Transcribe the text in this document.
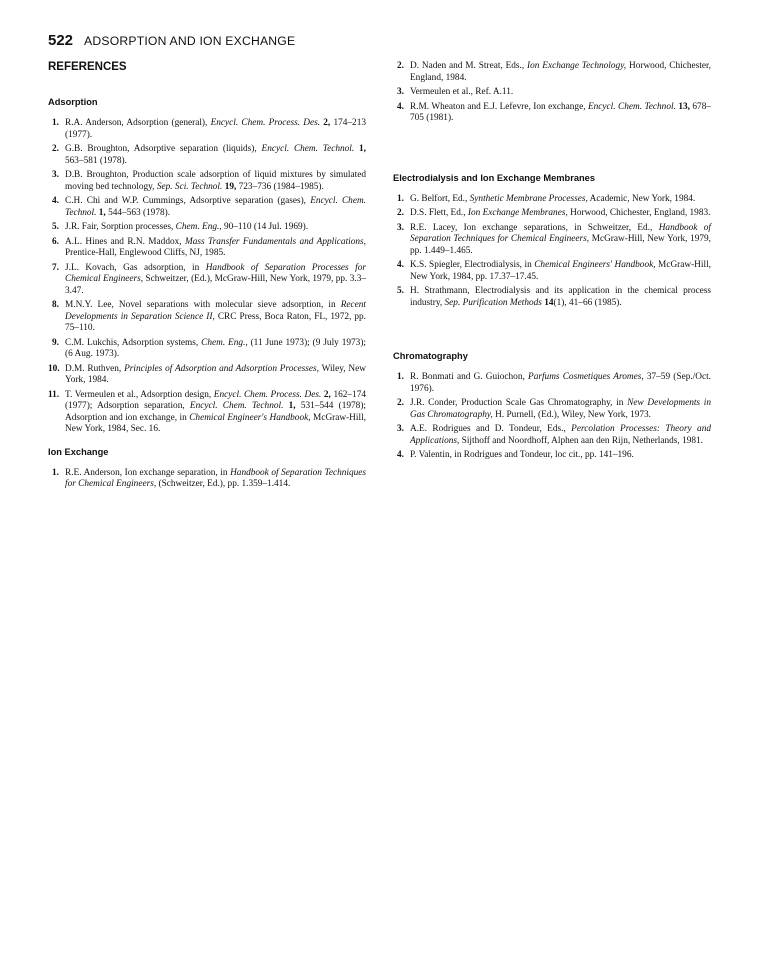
522 ADSORPTION AND ION EXCHANGE
REFERENCES
Adsorption
1. R.A. Anderson, Adsorption (general), Encycl. Chem. Process. Des. 2, 174–213 (1977).
2. G.B. Broughton, Adsorptive separation (liquids), Encycl. Chem. Technol. 1, 563–581 (1978).
3. D.B. Broughton, Production scale adsorption of liquid mixtures by simulated moving bed technology, Sep. Sci. Technol. 19, 723–736 (1984–1985).
4. C.H. Chi and W.P. Cummings, Adsorptive separation (gases), Encycl. Chem. Technol. 1, 544–563 (1978).
5. J.R. Fair, Sorption processes, Chem. Eng., 90–110 (14 Jul. 1969).
6. A.L. Hines and R.N. Maddox, Mass Transfer Fundamentals and Applications, Prentice-Hall, Englewood Cliffs, NJ, 1985.
7. J.L. Kovach, Gas adsorption, in Handbook of Separation Processes for Chemical Engineers, Schweitzer, (Ed.), McGraw-Hill, New York, 1979, pp. 3.3–3.47.
8. M.N.Y. Lee, Novel separations with molecular sieve adsorption, in Recent Developments in Separation Science II, CRC Press, Boca Raton, FL, 1972, pp. 75–110.
9. C.M. Lukchis, Adsorption systems, Chem. Eng., (11 June 1973); (9 July 1973); (6 Aug. 1973).
10. D.M. Ruthven, Principles of Adsorption and Adsorption Processes, Wiley, New York, 1984.
11. T. Vermeulen et al., Adsorption design, Encycl. Chem. Process. Des. 2, 162–174 (1977); Adsorption separation, Encycl. Chem. Technol. 1, 531–544 (1978); Adsorption and ion exchange, in Chemical Engineer's Handbook, McGraw-Hill, New York, 1984, Sec. 16.
Ion Exchange
1. R.E. Anderson, Ion exchange separation, in Handbook of Separation Techniques for Chemical Engineers, (Schweitzer, Ed.), pp. 1.359–1.414.
2. D. Naden and M. Streat, Eds., Ion Exchange Technology, Horwood, Chichester, England, 1984.
3. Vermeulen et al., Ref. A.11.
4. R.M. Wheaton and E.J. Lefevre, Ion exchange, Encycl. Chem. Technol. 13, 678–705 (1981).
Electrodialysis and Ion Exchange Membranes
1. G. Belfort, Ed., Synthetic Membrane Processes, Academic, New York, 1984.
2. D.S. Flett, Ed., Ion Exchange Membranes, Horwood, Chichester, England, 1983.
3. R.E. Lacey, Ion exchange separations, in Schweitzer, Ed., Handbook of Separation Techniques for Chemical Engineers, McGraw-Hill, New York, 1979, pp. 1.449–1.465.
4. K.S. Spiegler, Electrodialysis, in Chemical Engineers' Handbook, McGraw-Hill, New York, 1984, pp. 17.37–17.45.
5. H. Strathmann, Electrodialysis and its application in the chemical process industry, Sep. Purification Methods 14(1), 41–66 (1985).
Chromatography
1. R. Bonmati and G. Guiochon, Parfums Cosmetiques Aromes, 37–59 (Sep./Oct. 1976).
2. J.R. Conder, Production Scale Gas Chromatography, in New Developments in Gas Chromatography, H. Purnell, (Ed.), Wiley, New York, 1973.
3. A.E. Rodrigues and D. Tondeur, Eds., Percolation Processes: Theory and Applications, Sijthoff and Noordhoff, Alphen aan den Rijn, Netherlands, 1981.
4. P. Valentin, in Rodrigues and Tondeur, loc cit., pp. 141–196.
